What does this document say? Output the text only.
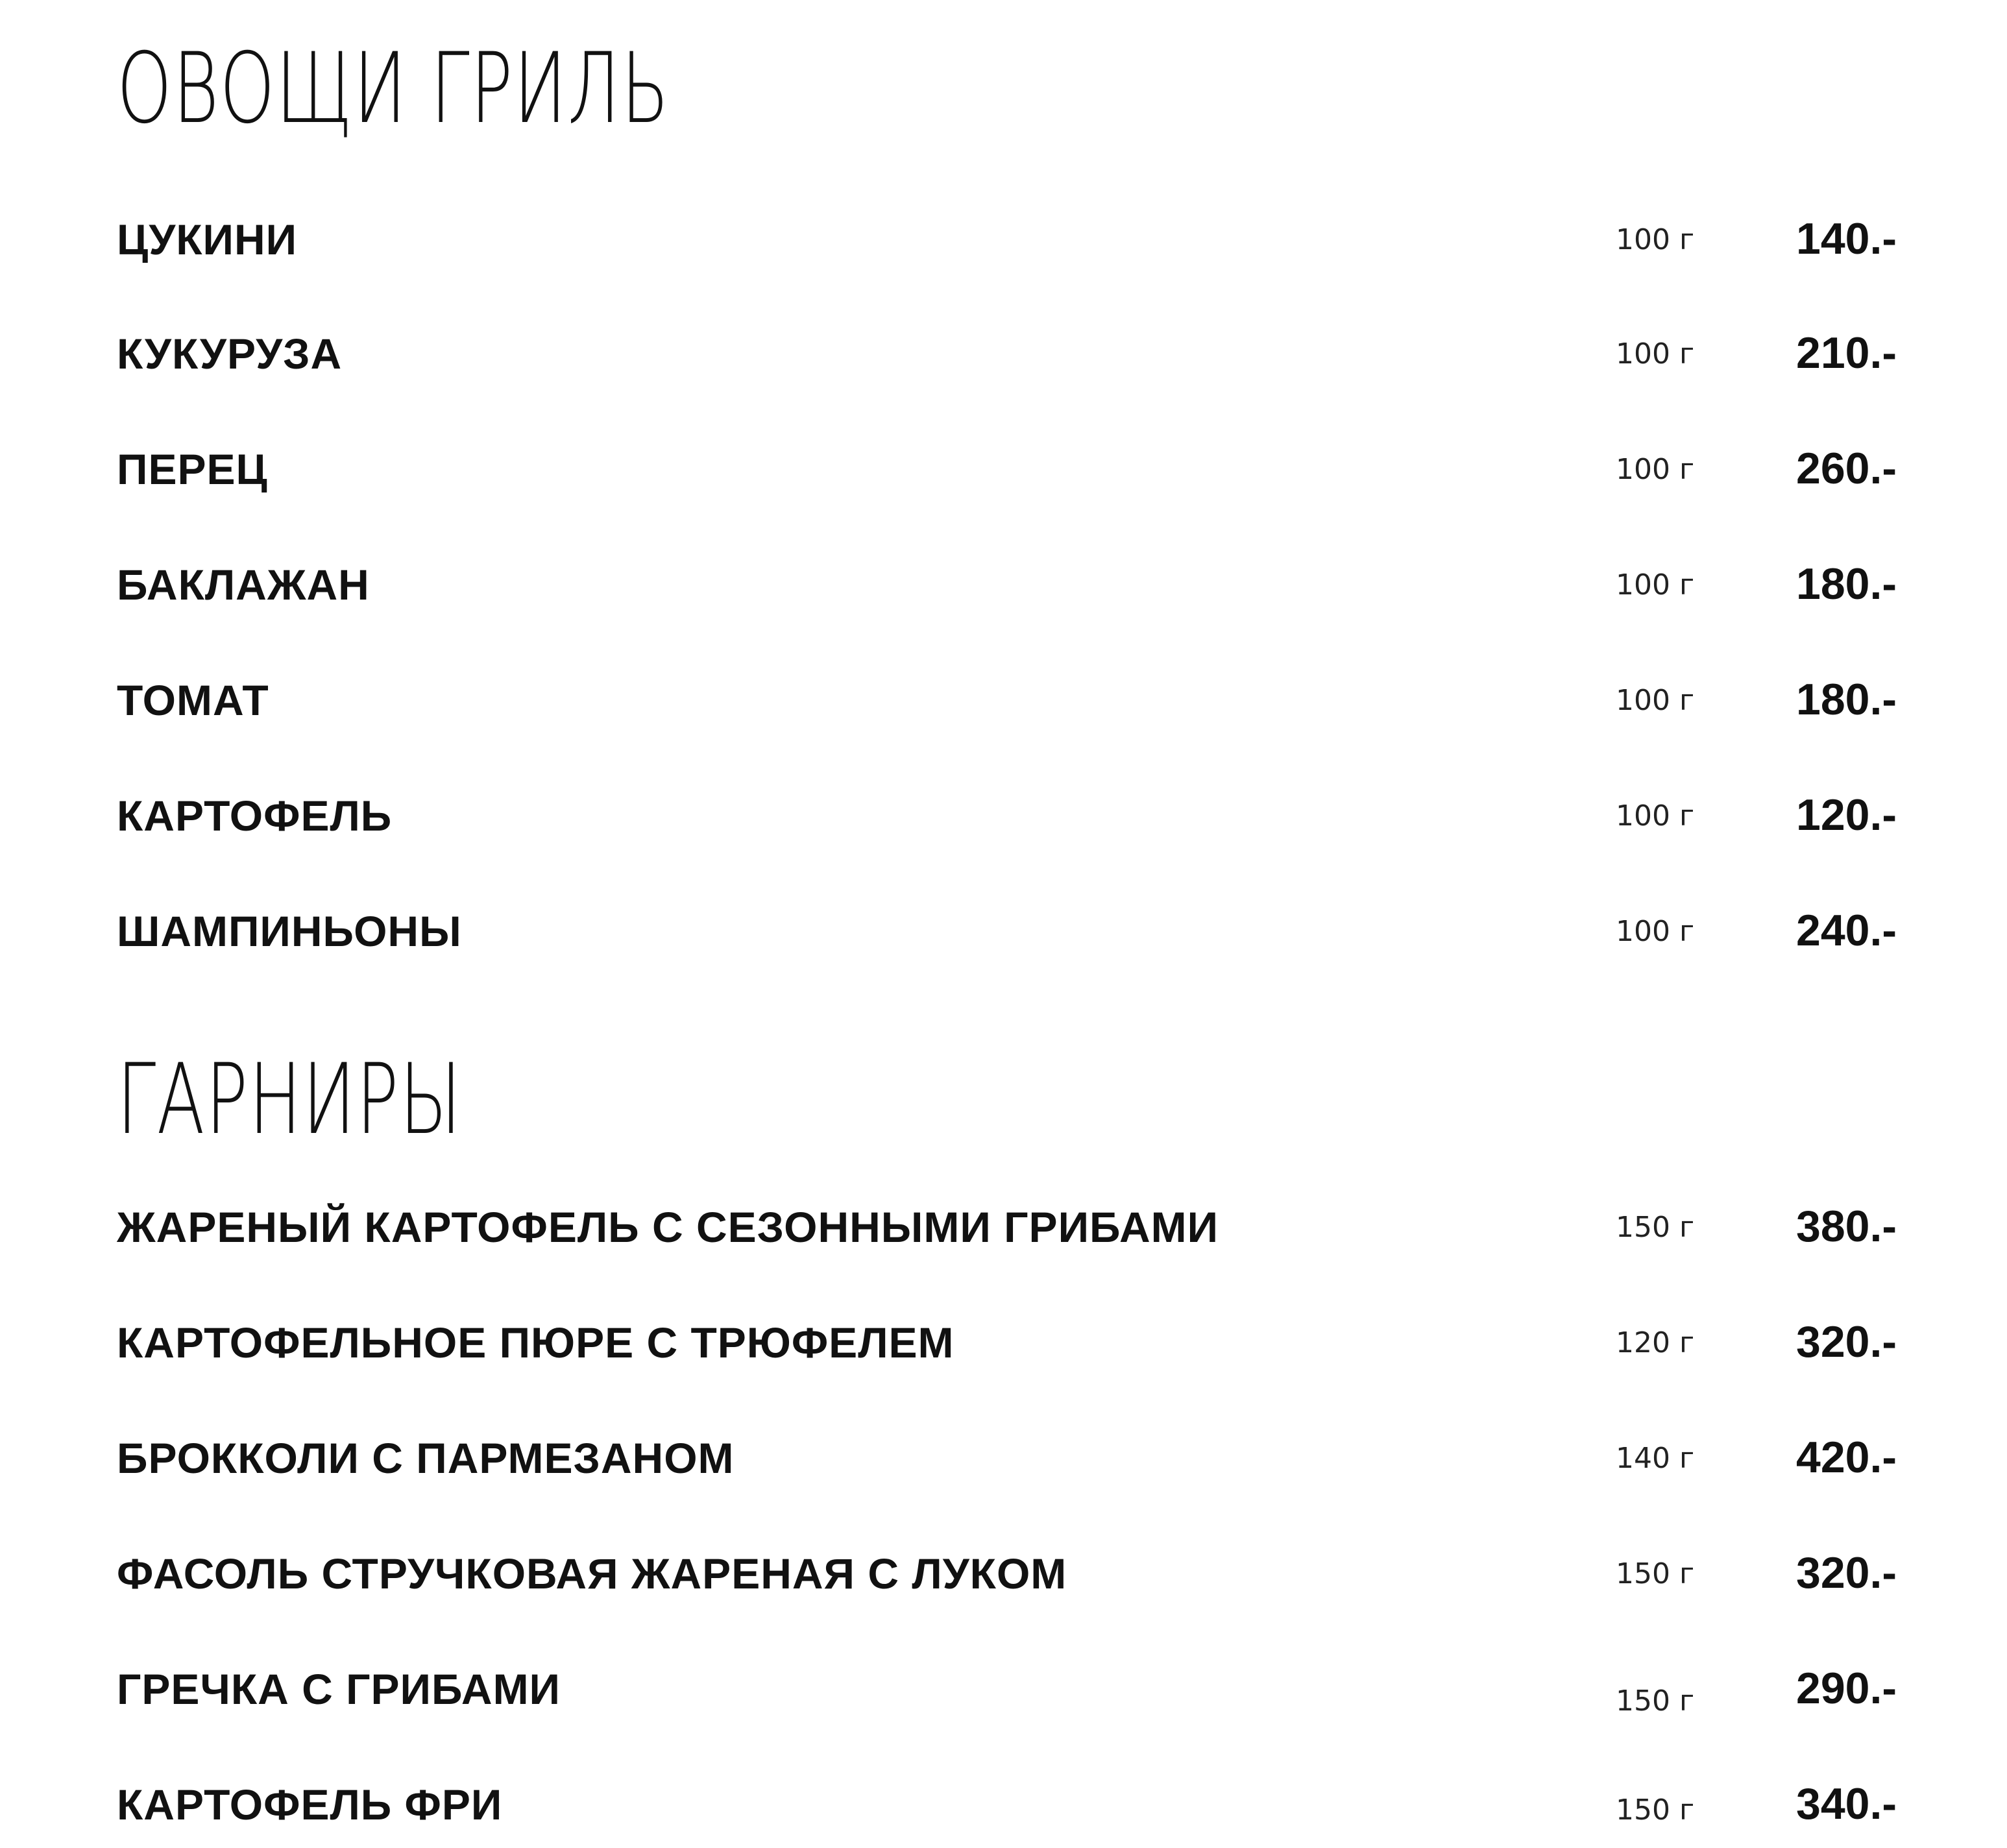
ОВОЩИ ГРИЛЬ
ЦУКИНИ	100 г 140.-
КУКУРУЗА	100 г 210.-
ПЕРЕЦ	100 г 260.-
БАКЛАЖАН	100 г 180.-
ТОМАТ	100 г 180.-
КАРТОФЕЛЬ	100 г 120.-
ШАМПИНЬОНЫ	100 г 240.-
ГАРНИРЫ
ЖАРЕНЫЙ КАРТОФЕЛЬ С СЕЗОННЫМИ ГРИБАМИ	150 г 380.-
КАРТОФЕЛЬНОЕ ПЮРЕ С ТРЮФЕЛЕМ	120 г 320.-
БРОККОЛИ С ПАРМЕЗАНОМ	140 г 420.-
ФАСОЛЬ СТРУЧКОВАЯ ЖАРЕНАЯ С ЛУКОМ	150 г 320.-
ГРЕЧКА С ГРИБАМИ	150 г 290.-
КАРТОФЕЛЬ ФРИ	150 г 340.-
